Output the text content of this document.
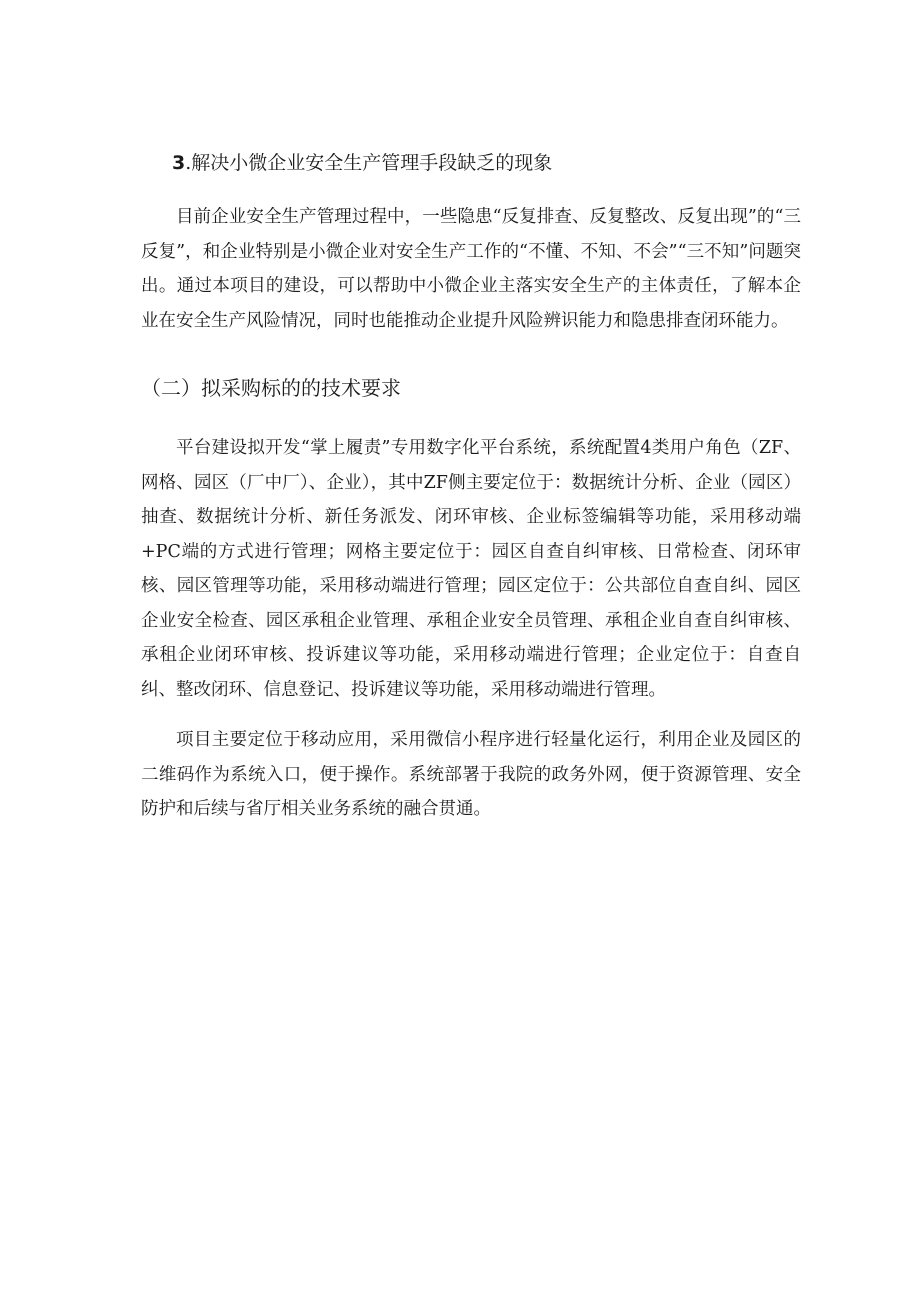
3.解决小微企业安全生产管理手段缺乏的现象

目前企业安全生产管理过程中，一些隐患“反复排查、反复整改、反复出现”的“三反复”，和企业特别是小微企业对安全生产工作的“不懂、不知、不会”“三不知”问题突出。通过本项目的建设，可以帮助中小微企业主落实安全生产的主体责任，了解本企业在安全生产风险情况，同时也能推动企业提升风险辨识能力和隐患排查闭环能力。

（二）拟采购标的的技术要求

平台建设拟开发“掌上履责”专用数字化平台系统，系统配置4类用户角色（ZF、网格、园区（厂中厂）、企业），其中ZF侧主要定位于：数据统计分析、企业（园区）抽查、数据统计分析、新任务派发、闭环审核、企业标签编辑等功能，采用移动端+PC端的方式进行管理；网格主要定位于：园区自查自纠审核、日常检查、闭环审核、园区管理等功能，采用移动端进行管理；园区定位于：公共部位自查自纠、园区企业安全检查、园区承租企业管理、承租企业安全员管理、承租企业自查自纠审核、承租企业闭环审核、投诉建议等功能，采用移动端进行管理；企业定位于：自查自纠、整改闭环、信息登记、投诉建议等功能，采用移动端进行管理。

项目主要定位于移动应用，采用微信小程序进行轻量化运行，利用企业及园区的二维码作为系统入口，便于操作。系统部署于我院的政务外网，便于资源管理、安全防护和后续与省厅相关业务系统的融合贯通。
